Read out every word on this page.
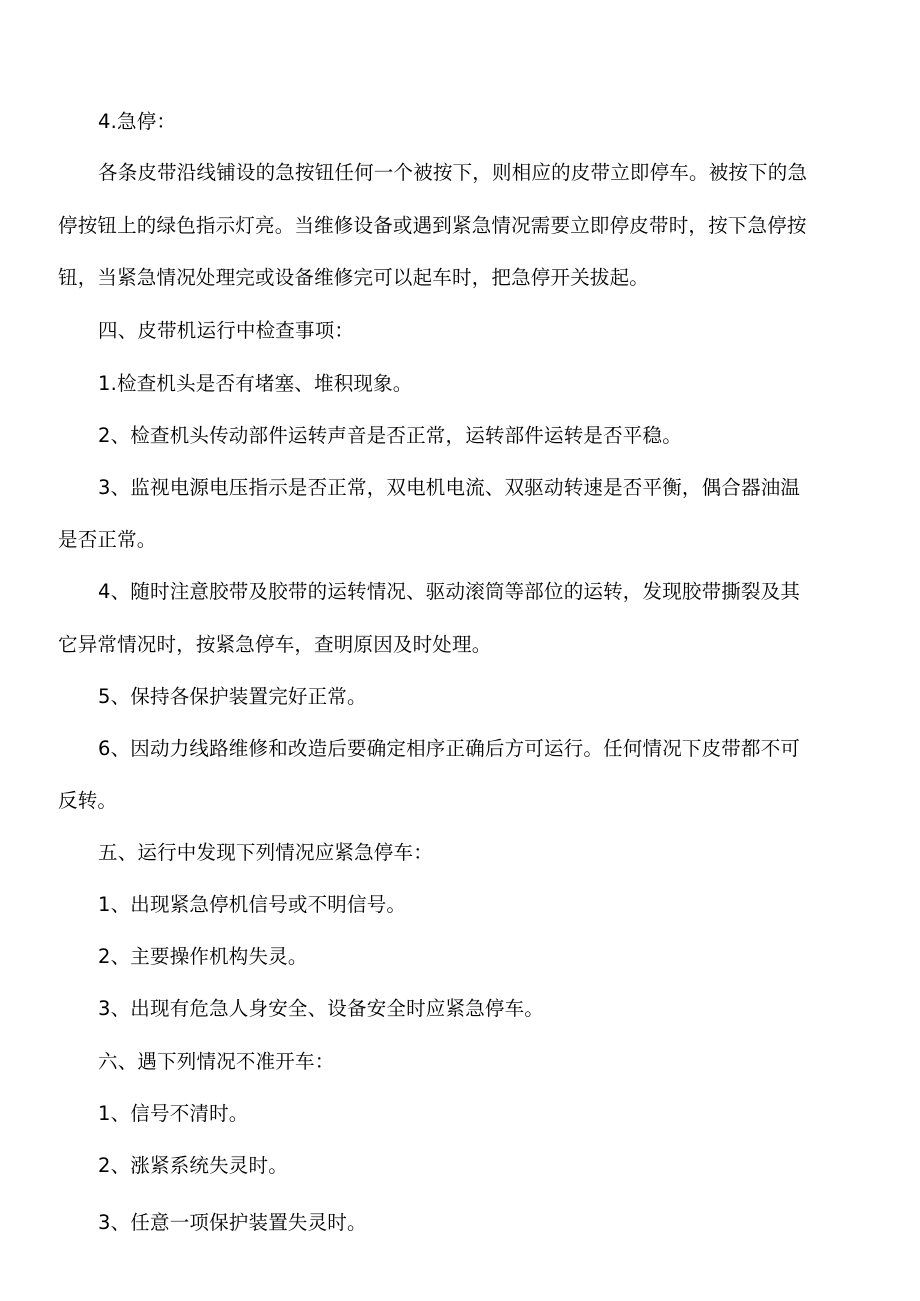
4.急停：
各条皮带沿线铺设的急按钮任何一个被按下，则相应的皮带立即停车。被按下的急
停按钮上的绿色指示灯亮。当维修设备或遇到紧急情况需要立即停皮带时，按下急停按
钮，当紧急情况处理完或设备维修完可以起车时，把急停开关拔起。
四、皮带机运行中检查事项：
1.检查机头是否有堵塞、堆积现象。
2、检查机头传动部件运转声音是否正常，运转部件运转是否平稳。
3、监视电源电压指示是否正常，双电机电流、双驱动转速是否平衡，偶合器油温
是否正常。
4、随时注意胶带及胶带的运转情况、驱动滚筒等部位的运转，发现胶带撕裂及其
它异常情况时，按紧急停车，查明原因及时处理。
5、保持各保护装置完好正常。
6、因动力线路维修和改造后要确定相序正确后方可运行。任何情况下皮带都不可
反转。
五、运行中发现下列情况应紧急停车：
1、出现紧急停机信号或不明信号。
2、主要操作机构失灵。
3、出现有危急人身安全、设备安全时应紧急停车。
六、遇下列情况不准开车：
1、信号不清时。
2、涨紧系统失灵时。
3、任意一项保护装置失灵时。
